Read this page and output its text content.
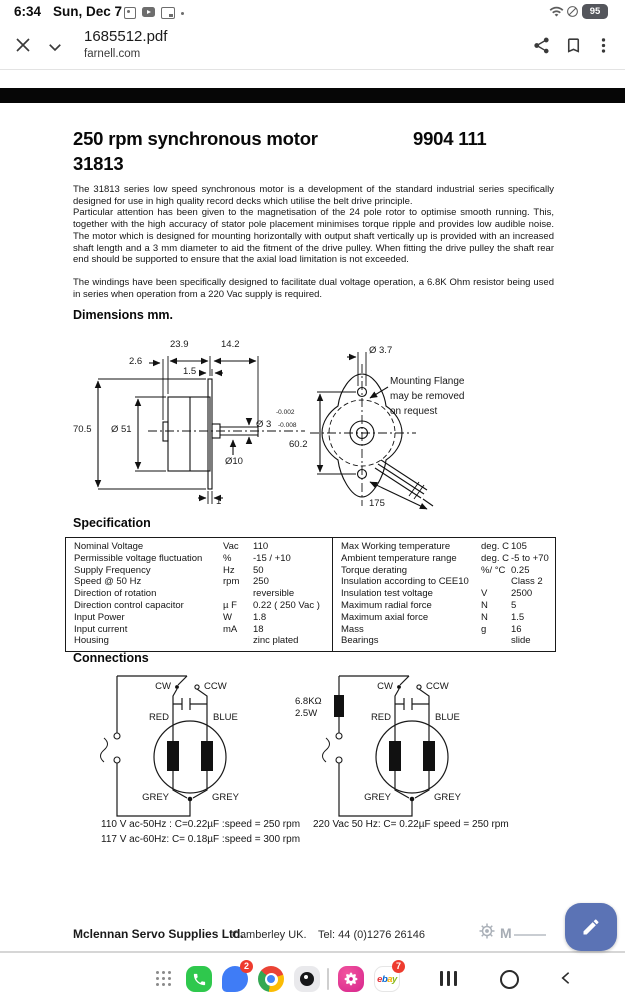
6:34 Sun, Dec 7	95
1685512.pdf
farnell.com
250 rpm synchronous motor	9904 111
31813

The 31813 series low speed synchronous motor is a development of the standard industrial series specifically designed for use in high quality record decks which utilise the belt drive principle.

Particular attention has been given to the magnetisation of the 24 pole rotor to optimise smooth running. This, together with the high accuracy of stator pole placement minimises torque ripple and provides low audible noise. The motor which is designed for mounting horizontally with output shaft vertically up is provided with an increased shaft length and a 3 mm diameter to aid the fitment of the drive pulley. When fitting the drive pulley the shaft rear end should be supported to ensure that the axial load limitation is not exceeded.

The windings have been specifically designed to facilitate dual voltage operation, a 6.8K Ohm resistor being used in series when operation from a 220 Vac supply is required.

Dimensions mm.
23.9	14.2
2.6
1.5
70.5 Ø 51	Ø 3
-0.002
-0.008
60.2
Ø10
1
Ø 3.7
Mounting Flange
may be removed
on request
175
Specification
Nominal Voltage	Vac 110
Permissible voltage fluctuation % -15 / +10
Supply Frequency	Hz 50
Speed @ 50 Hz	rpm 250
Direction of rotation	reversible
Direction control capacitor	µ F 0.22 ( 250 Vac )
Input Power	W 1.8
Input current	mA 18
Housing	zinc plated
Max Working temperature	deg. C 105
Ambient temperature range	deg. C -5 to +70
Torque derating	%/ °C 0.25
Insulation according to CEE10	Class 2
Insulation test voltage	V 2500
Maximum radial force	N 5
Maximum axial force	N 1.5
Mass	g	16
Bearings	slide
Connections
CW	CCW
RED	BLUE
GREY	GREY
6.8KΩ
2.5W
CW	CCW
RED	BLUE
GREY	GREY
110 V ac-50Hz : C=0.22µF :speed = 250 rpm
117 V ac-60Hz: C= 0.18µF :speed = 300 rpm
220 Vac 50 Hz: C= 0.22µF speed = 250 rpm
Mclennan Servo Supplies Ltd.
Camberley UK. Tel: 44 (0)1276 26146	M
2
e b a y
7
